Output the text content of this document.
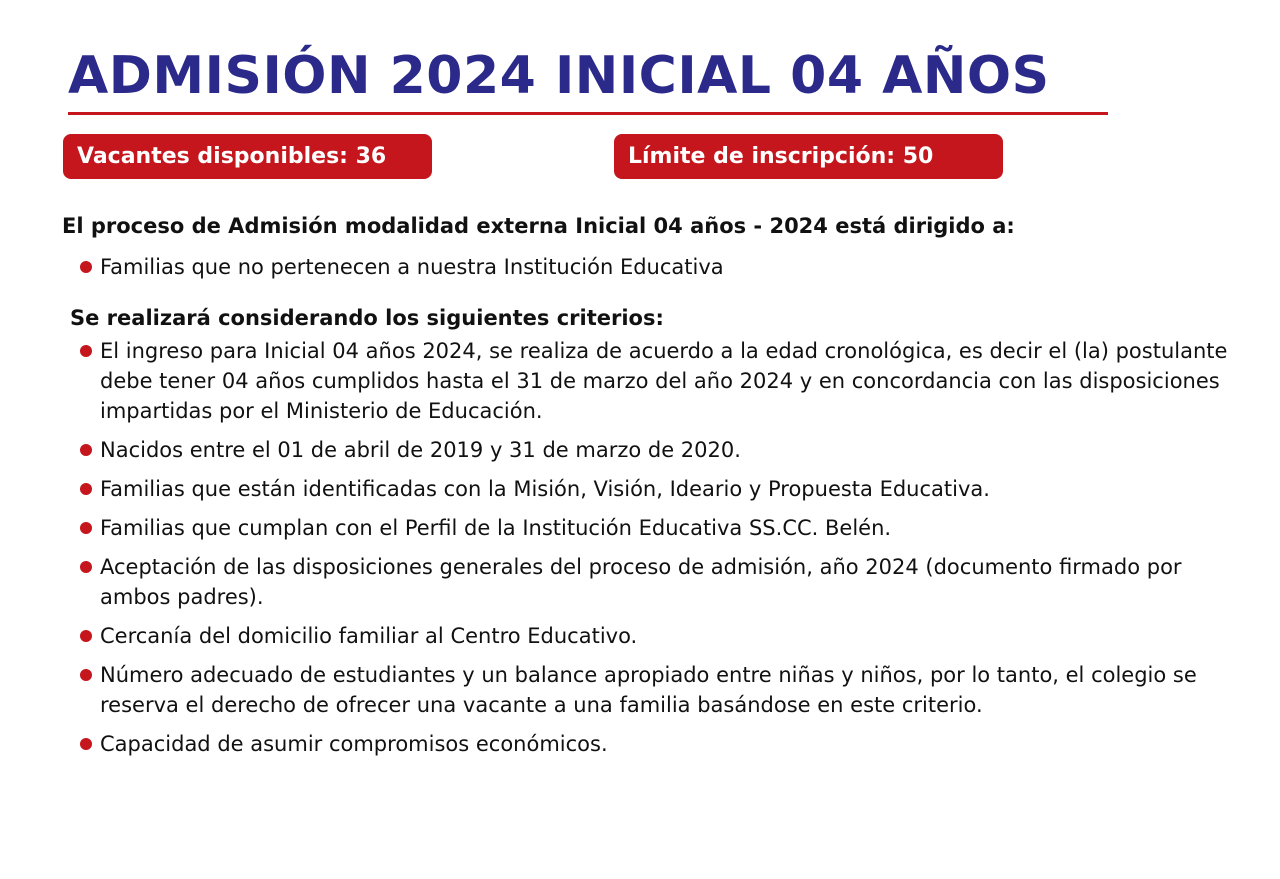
ADMISIÓN 2024 INICIAL 04 AÑOS
Vacantes disponibles: 36	Límite de inscripción: 50
El proceso de Admisión modalidad externa Inicial 04 años - 2024 está dirigido a:
Familias que no pertenecen a nuestra Institución Educativa
Se realizará considerando los siguientes criterios:
El ingreso para Inicial 04 años 2024, se realiza de acuerdo a la edad cronológica, es decir el (la) postulante debe tener 04 años cumplidos hasta el 31 de marzo del año 2024 y en concordancia con las disposiciones impartidas por el Ministerio de Educación.
Nacidos entre el 01 de abril de 2019 y 31 de marzo de 2020.
Familias que están identificadas con la Misión, Visión, Ideario y Propuesta Educativa.
Familias que cumplan con el Perfil de la Institución Educativa SS.CC. Belén.
Aceptación de las disposiciones generales del proceso de admisión, año 2024 (documento firmado por ambos padres).
Cercanía del domicilio familiar al Centro Educativo.
Número adecuado de estudiantes y un balance apropiado entre niñas y niños, por lo tanto, el colegio se reserva el derecho de ofrecer una vacante a una familia basándose en este criterio.
Capacidad de asumir compromisos económicos.
